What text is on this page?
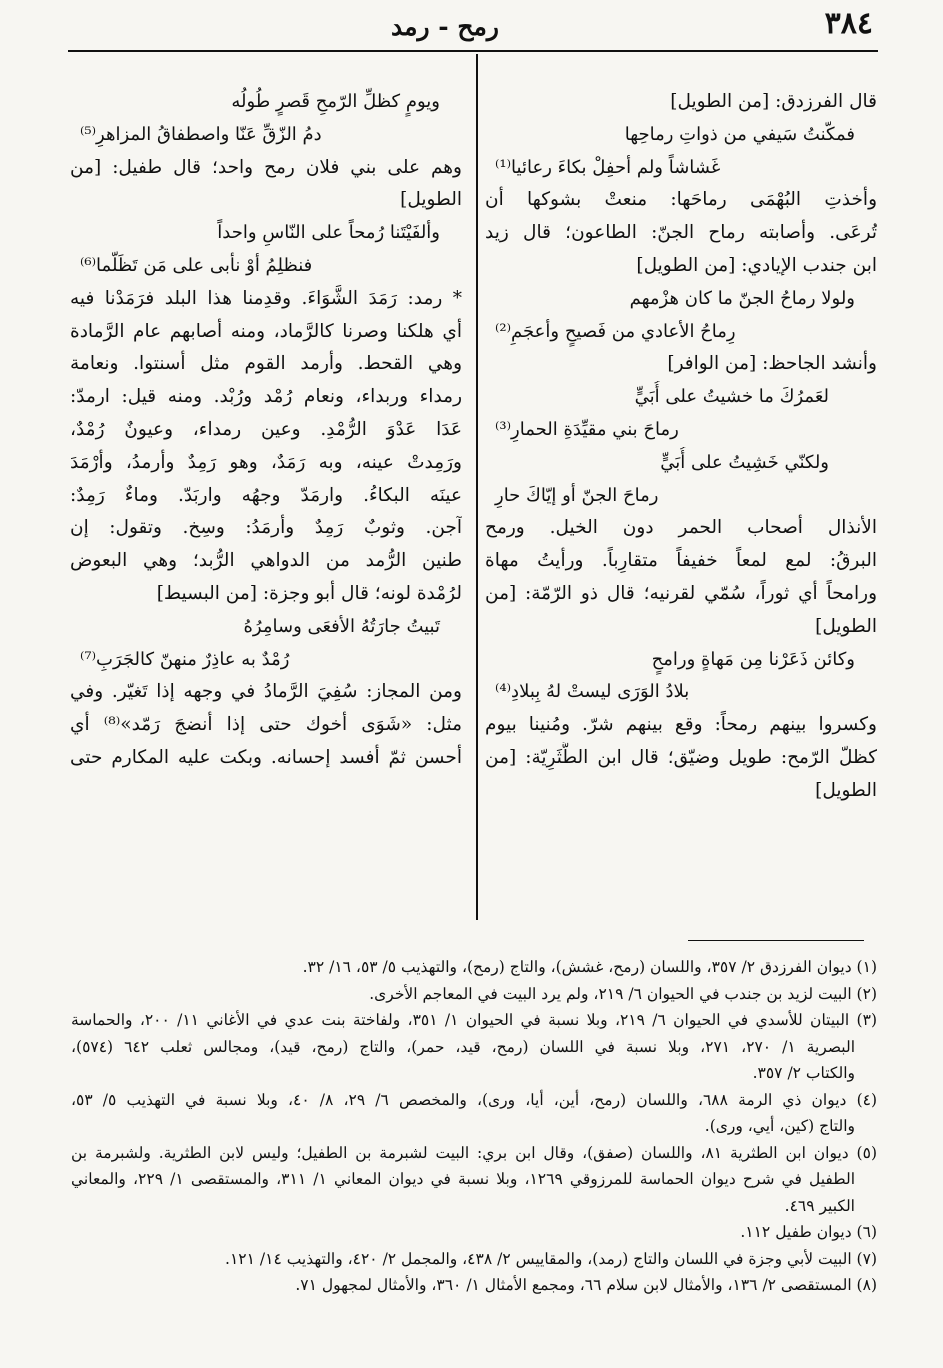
٣٨٤
رمح - رمد
قال الفرزدق: [من الطويل]
فمكّنتُ سَيفي من ذواتِ رماحِها
غَشاشاً ولم أحفِلْ بكاءَ رعائيا⁽¹⁾
وأخذتِ البُهْمَى رماحَها: منعتْ بشوكها أن
تُرعَى. وأصابته رماح الجنّ: الطاعون؛ قال زيد
ابن جندب الإيادي: [من الطويل]
ولولا رماحُ الجنّ ما كان هزْمهم
رِماحُ الأعادي من فَصيحٍ وأعجَمِ⁽²⁾
وأنشد الجاحظ: [من الوافر]
لعَمرُكَ ما خشيتُ على أُبَيٍّ
رماحَ بني مقيِّدَةِ الحمارِ⁽³⁾
ولكنّي خَشِيتُ على أُبَيٍّ
رماحَ الجنّ أو إيّاكَ حارِ
الأنذال أصحاب الحمر دون الخيل. ورمح
البرقُ: لمع لمعاً خفيفاً متقارِباً. ورأيتُ مهاة
ورامحاً أي ثوراً، سُمّي لقرنيه؛ قال ذو الرّمّة: [من
الطويل]
وكائن ذَعَرْنا مِن مَهاةٍ ورامحٍ
بلادُ الوَرَى ليستْ لهُ بِبلادِ⁽⁴⁾
وكسروا بينهم رمحاً: وقع بينهم شرّ. ومُنينا بيوم
كظلّ الرّمح: طويل وضيّق؛ قال ابن الطَّثَرِيّة: [من
الطويل]
ويومٍ كظلِّ الرّمحِ قَصرٍ طُولُه
دمُ الزّقِّ عَنّا واصطفاقُ المزاهرِ⁽⁵⁾
وهم على بني فلان رمح واحد؛ قال طفيل: [من
الطويل]
وألفَيْتَنا رُمحاً على النّاسِ واحداً
فنظلِمُ أوْ نأبى على مَن تَظَلّما⁽⁶⁾
* رمد: رَمَدَ الشَّوَاءَ. وقدِمنا هذا البلد فرَمَدْنا فيه
أي هلكنا وصرنا كالرَّماد، ومنه أصابهم عام الرَّمادة
وهي القحط. وأرمد القوم مثل أسنتوا. ونعامة
رمداء وربداء، ونعام رُمْد ورُبْد. ومنه قيل: ارمدّ:
عَدَا عَدْوَ الرُّمْدِ. وعين رمداء، وعيونٌ رُمْدٌ،
ورَمِدتْ عينه، وبه رَمَدٌ، وهو رَمِدٌ وأرمدُ، وأرْمَدَ
عينَه البكاءُ. وارمَدّ وجهُه واربَدّ. وماءٌ رَمِدٌ:
آجن. وثوبٌ رَمِدٌ وأرمَدُ: وسِخ. وتقول: إن
طنين الرُّمد من الدواهي الرُّبد؛ وهي البعوض
لرُمْدة لونه؛ قال أبو وجزة: [من البسيط]
تَبيتُ جارَتُهُ الأفعَى وسامِرُهُ
رُمْدٌ به عاذِرٌ منهنّ كالجَرَبِ⁽⁷⁾
ومن المجاز: سُفِيَ الرَّمادُ في وجهه إذا تَغيّر. وفي
مثل: «شَوَى أخوك حتى إذا أنضجَ رَمّد»⁽⁸⁾ أي
أحسن ثمّ أفسد إحسانه. وبكت عليه المكارم حتى
(١) ديوان الفرزدق ٢/ ٣٥٧، واللسان (رمح، غشش)، والتاج (رمح)، والتهذيب ٥/ ٥٣، ١٦/ ٣٢.
(٢) البيت لزيد بن جندب في الحيوان ٦/ ٢١٩، ولم يرد البيت في المعاجم الأخرى.
(٣) البيتان للأسدي في الحيوان ٦/ ٢١٩، وبلا نسبة في الحيوان ١/ ٣٥١، ولفاختة بنت عدي في الأغاني ١١/ ٢٠٠، والحماسة
البصرية ١/ ٢٧٠، ٢٧١، وبلا نسبة في اللسان (رمح، قيد، حمر)، والتاج (رمح، قيد)، ومجالس ثعلب ٦٤٢ (٥٧٤)،
والكتاب ٢/ ٣٥٧.
(٤) ديوان ذي الرمة ٦٨٨، واللسان (رمح، أين، أيا، ورى)، والمخصص ٦/ ٢٩، ٨/ ٤٠، وبلا نسبة في التهذيب ٥/ ٥٣،
والتاج (كين، أيي، ورى).
(٥) ديوان ابن الطثرية ٨١، واللسان (صفق)، وقال ابن بري: البيت لشبرمة بن الطفيل؛ وليس لابن الطثرية. ولشبرمة بن
الطفيل في شرح ديوان الحماسة للمرزوقي ١٢٦٩، وبلا نسبة في ديوان المعاني ١/ ٣١١، والمستقصى ١/ ٢٢٩، والمعاني
الكبير ٤٦٩.
(٦) ديوان طفيل ١١٢.
(٧) البيت لأبي وجزة في اللسان والتاج (رمد)، والمقاييس ٢/ ٤٣٨، والمجمل ٢/ ٤٢٠، والتهذيب ١٤/ ١٢١.
(٨) المستقصى ٢/ ١٣٦، والأمثال لابن سلام ٦٦، ومجمع الأمثال ١/ ٣٦٠، والأمثال لمجهول ٧١.
